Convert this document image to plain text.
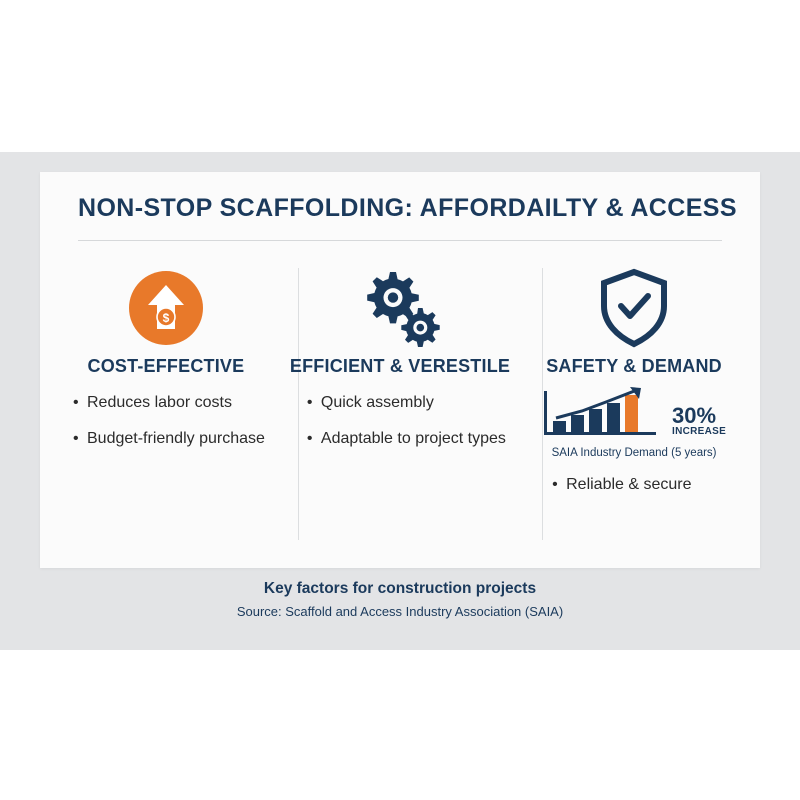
NON-STOP SCAFFOLDING: AFFORDAILTY & ACCESS
$
COST-EFFECTIVE
• Reduces labor costs
• Budget-friendly purchase
EFFICIENT & VERESTILE
• Quick assembly
• Adaptable to project types
SAFETY & DEMAND
30%
INCREASE
SAIA Industry Demand (5 years)
• Reliable & secure
Key factors for construction projects
Source: Scaffold and Access Industry Association (SAIA)
